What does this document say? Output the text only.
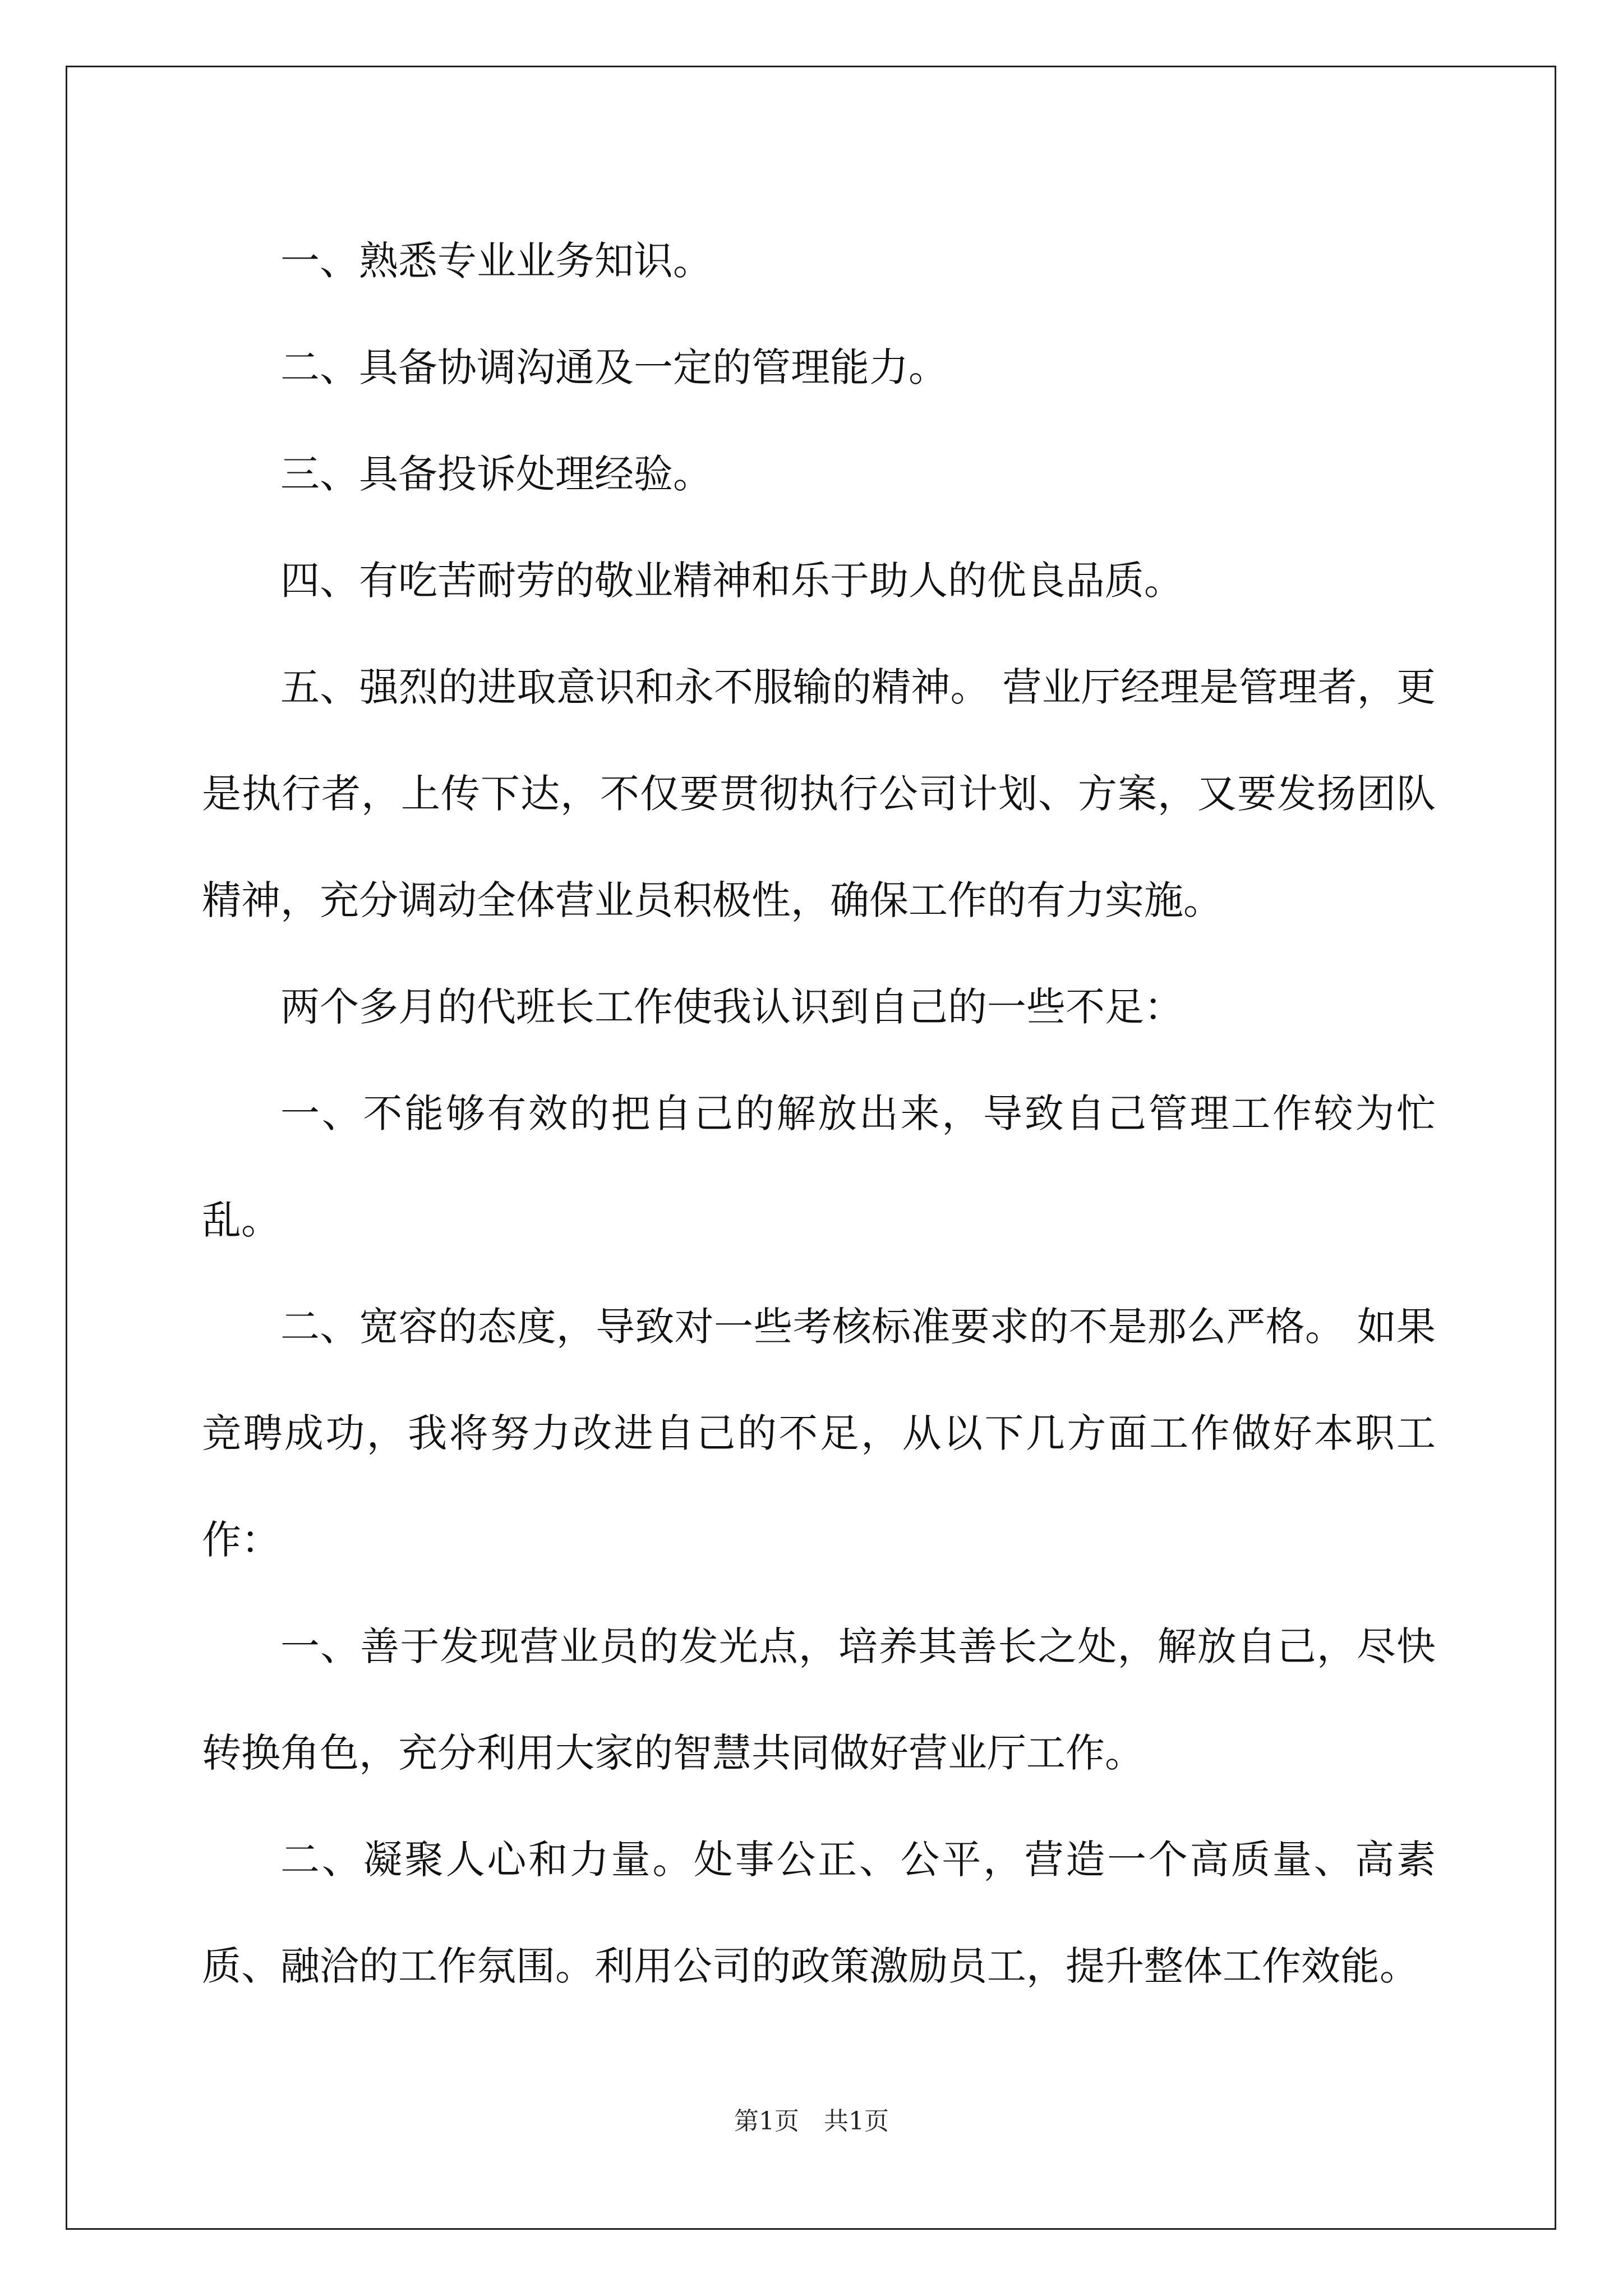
一、熟悉专业业务知识。

二、具备协调沟通及一定的管理能力。

三、具备投诉处理经验。

四、有吃苦耐劳的敬业精神和乐于助人的优良品质。

五、强烈的进取意识和永不服输的精神。 营业厅经理是管理者，更是执行者，上传下达，不仅要贯彻执行公司计划、方案，又要发扬团队精神，充分调动全体营业员积极性，确保工作的有力实施。

两个多月的代班长工作使我认识到自己的一些不足：

一、不能够有效的把自己的解放出来，导致自己管理工作较为忙乱。

二、宽容的态度，导致对一些考核标准要求的不是那么严格。 如果竞聘成功，我将努力改进自己的不足，从以下几方面工作做好本职工作：

一、善于发现营业员的发光点，培养其善长之处，解放自己，尽快转换角色，充分利用大家的智慧共同做好营业厅工作。

二、凝聚人心和力量。处事公正、公平，营造一个高质量、高素质、融洽的工作氛围。利用公司的政策激励员工，提升整体工作效能。

第1页　共1页
